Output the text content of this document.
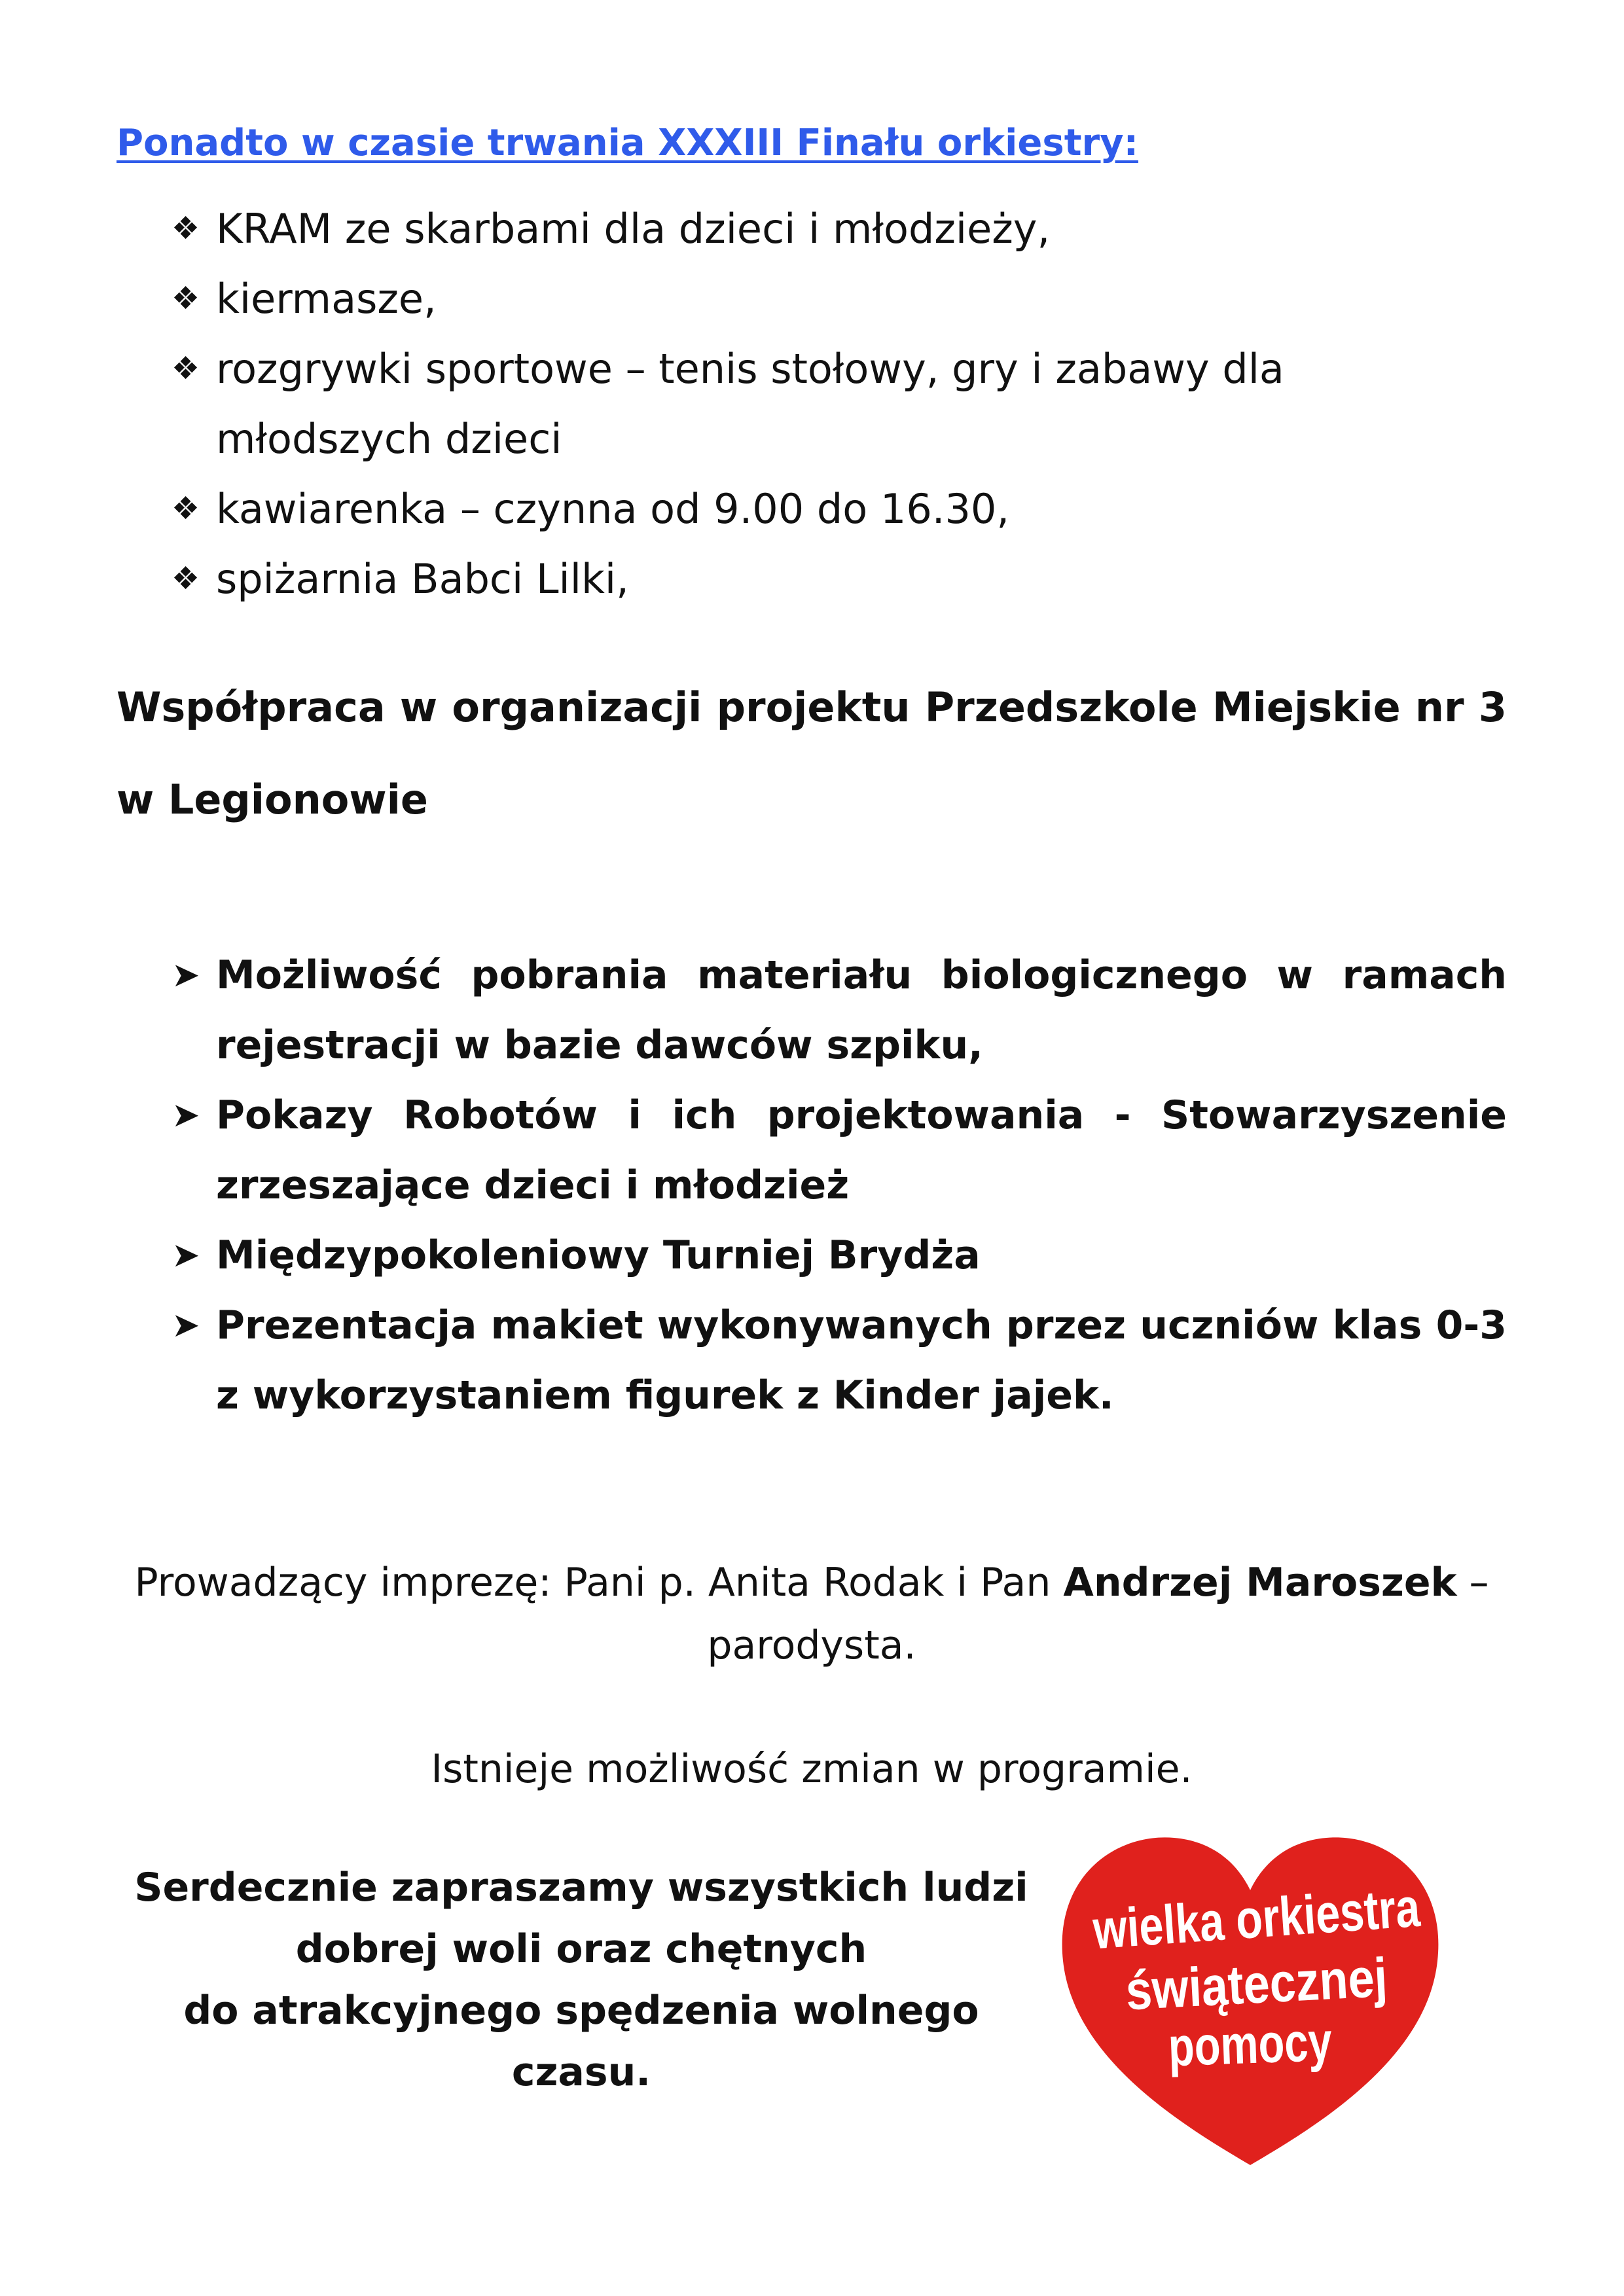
Ponadto w czasie trwania XXXIII Finału orkiestry:
❖ KRAM ze skarbami dla dzieci i młodzieży,
❖ kiermasze,
❖ rozgrywki sportowe – tenis stołowy, gry i zabawy dla młodszych dzieci
❖ kawiarenka – czynna od 9.00 do 16.30,
❖ spiżarnia Babci Lilki,
Współpraca w organizacji projektu Przedszkole Miejskie nr 3 w Legionowie
➤ Możliwość pobrania materiału biologicznego w ramach rejestracji w bazie dawców szpiku,
➤ Pokazy Robotów i ich projektowania - Stowarzyszenie zrzeszające dzieci i młodzież
➤ Międzypokoleniowy Turniej Brydża
➤ Prezentacja makiet wykonywanych przez uczniów klas 0-3 z wykorzystaniem figurek z Kinder jajek.
Prowadzący imprezę: Pani p. Anita Rodak i Pan Andrzej Maroszek – parodysta.
Istnieje możliwość zmian w programie.
Serdecznie zapraszamy wszystkich ludzi
dobrej woli oraz chętnych
do atrakcyjnego spędzenia wolnego czasu.
wielka orkiestra
świątecznej
pomocy
